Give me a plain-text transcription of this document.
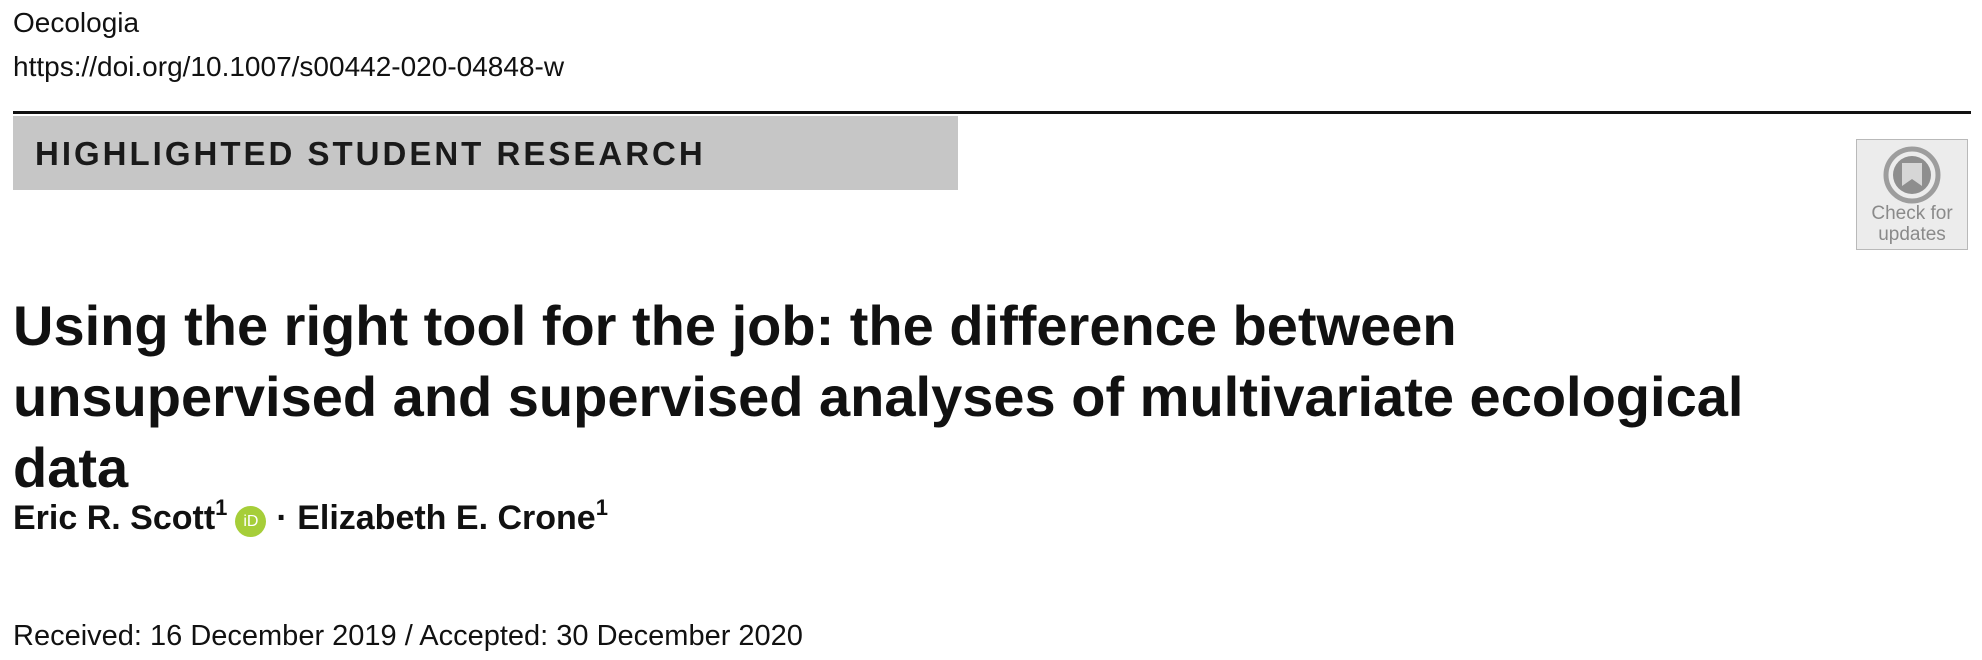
Oecologia
https://doi.org/10.1007/s00442-020-04848-w
HIGHLIGHTED STUDENT RESEARCH
Check for
updates
Using the right tool for the job: the difference between unsupervised and supervised analyses of multivariate ecological data
Eric R. Scott$^1$iD · Elizabeth E. Crone$^1$
Received: 16 December 2019 / Accepted: 30 December 2020
